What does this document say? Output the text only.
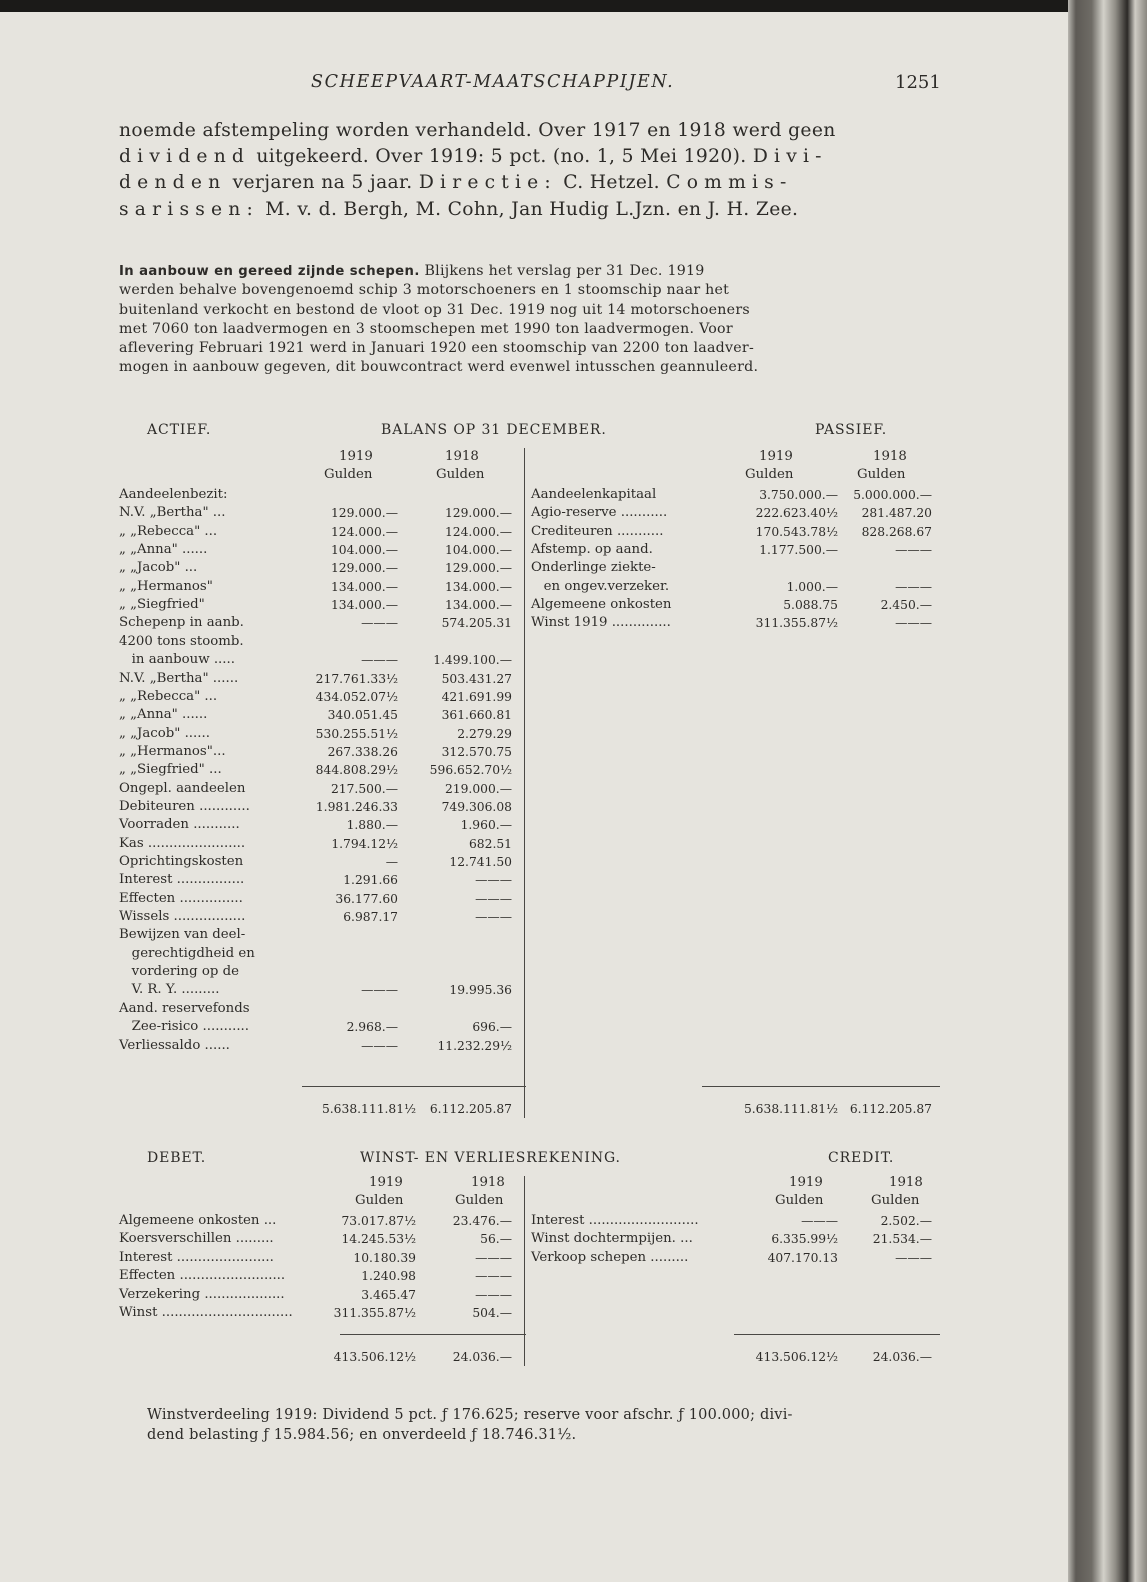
SCHEEPVAART-MAATSCHAPPIJEN.	1251
noemde afstempeling worden verhandeld. Over 1917 en 1918 werd geen
dividend uitgekeerd. Over 1919: 5 pct. (no. 1, 5 Mei 1920). Divi-
denden verjaren na 5 jaar. Directie: C. Hetzel. Commis-
sarissen: M. v. d. Bergh, M. Cohn, Jan Hudig L.Jzn. en J. H. Zee.
In aanbouw en gereed zijnde schepen. Blijkens het verslag per 31 Dec. 1919
werden behalve bovengenoemd schip 3 motorschoeners en 1 stoomschip naar het
buitenland verkocht en bestond de vloot op 31 Dec. 1919 nog uit 14 motorschoeners
met 7060 ton laadvermogen en 3 stoomschepen met 1990 ton laadvermogen. Voor
aflevering Februari 1921 werd in Januari 1920 een stoomschip van 2200 ton laadver-
mogen in aanbouw gegeven, dit bouwcontract werd evenwel intusschen geannuleerd.
ACTIEF.	BALANS OP 31 DECEMBER.	PASSIEF.
1919	1918
Gulden	Gulden
1919	1918
Gulden	Gulden
Aandeelenbezit:
N.V. „Bertha" ...	129.000.—	129.000.—
„ „Rebecca" ...	124.000.—	124.000.—
„ „Anna" ......	104.000.—	104.000.—
„ „Jacob" ...	129.000.—	129.000.—
„ „Hermanos"	134.000.—	134.000.—
„ „Siegfried"	134.000.—	134.000.—
Schepenp in aanb.	———	574.205.31
4200 tons stoomb.
in aanbouw .....	———	1.499.100.—
N.V. „Bertha" ......	217.761.33½	503.431.27
„ „Rebecca" ...	434.052.07½	421.691.99
„ „Anna" ......	340.051.45	361.660.81
„ „Jacob" ......	530.255.51½	2.279.29
„ „Hermanos"...	267.338.26	312.570.75
„ „Siegfried" ...	844.808.29½	596.652.70½
Ongepl. aandeelen	217.500.—	219.000.—
Debiteuren ............	1.981.246.33	749.306.08
Voorraden ...........	1.880.—	1.960.—
Kas .......................	1.794.12½	682.51
Oprichtingskosten	—	12.741.50
Interest ................	1.291.66	———
Effecten ...............	36.177.60	———
Wissels .................	6.987.17	———
Bewijzen van deel-
gerechtigdheid en
vordering op de
V. R. Y. .........	———	19.995.36
Aand. reservefonds
Zee-risico ...........	2.968.—	696.—
Verliessaldo ......	———	11.232.29½
Aandeelenkapitaal	3.750.000.—	5.000.000.—
Agio-reserve ...........	222.623.40½	281.487.20
Crediteuren ...........	170.543.78½	828.268.67
Afstemp. op aand.	1.177.500.—	———
Onderlinge ziekte-
en ongev.verzeker.	1.000.—	———
Algemeene onkosten	5.088.75	2.450.—
Winst 1919 ..............	311.355.87½	———
5.638.111.81½	6.112.205.87	5.638.111.81½ 6.112.205.87
DEBET.	WINST- EN VERLIESREKENING.	CREDIT.
1919	1918
Gulden	Gulden
1919	1918
Gulden	Gulden
Algemeene onkosten ...	73.017.87½	23.476.—
Koersverschillen .........	14.245.53½	56.—
Interest .......................	10.180.39	———
Effecten .........................	1.240.98	———
Verzekering ...................	3.465.47	———
Winst ...............................	311.355.87½	504.—
Interest ..........................	———	2.502.—
Winst dochtermpijen. ...	6.335.99½	21.534.—
Verkoop schepen .........	407.170.13	———
413.506.12½	24.036.—	413.506.12½	24.036.—
Winstverdeeling 1919: Dividend 5 pct. ƒ 176.625; reserve voor afschr. ƒ 100.000; divi-
dend belasting ƒ 15.984.56; en onverdeeld ƒ 18.746.31½.
